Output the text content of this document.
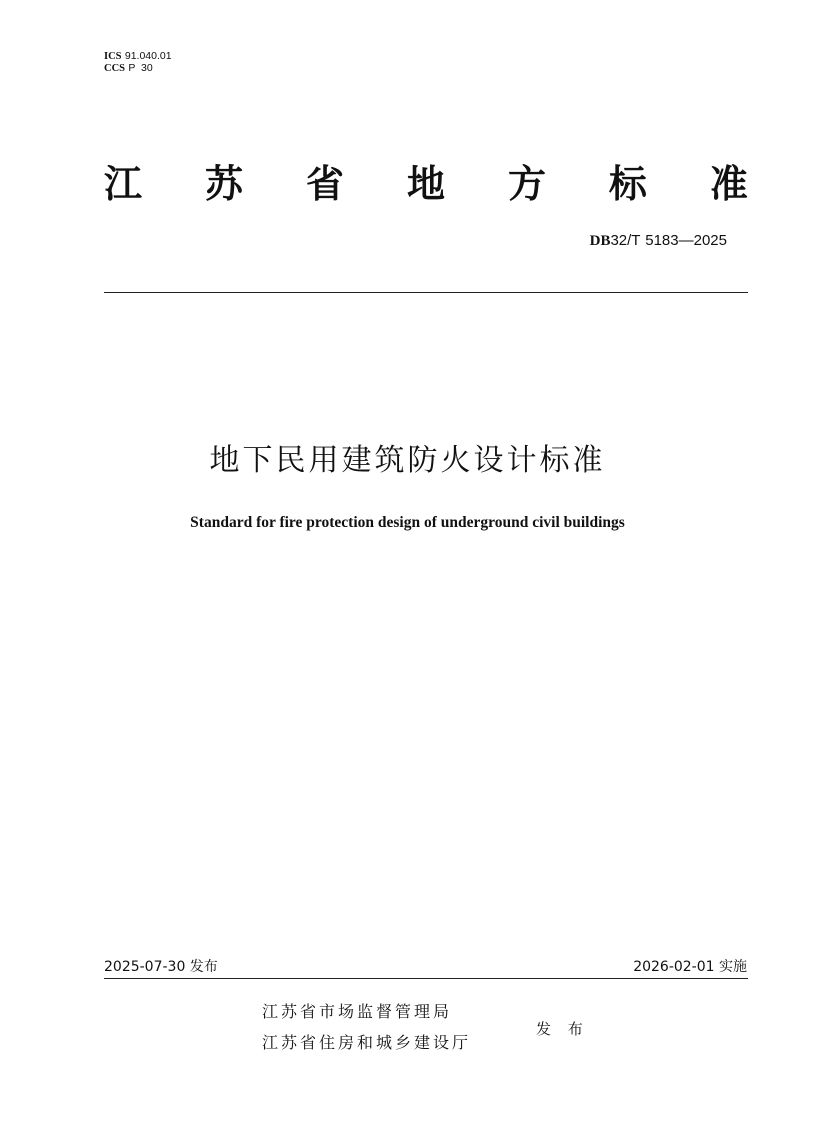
ICS 91.040.01
CCS P  30
江 苏 省 地 方 标 准
DB32/T 5183—2025
地下民用建筑防火设计标准
Standard for fire protection design of underground civil buildings
2025-07-30 发布	2026-02-01 实施
江苏省市场监督管理局
江苏省住房和城乡建设厅
发 布
